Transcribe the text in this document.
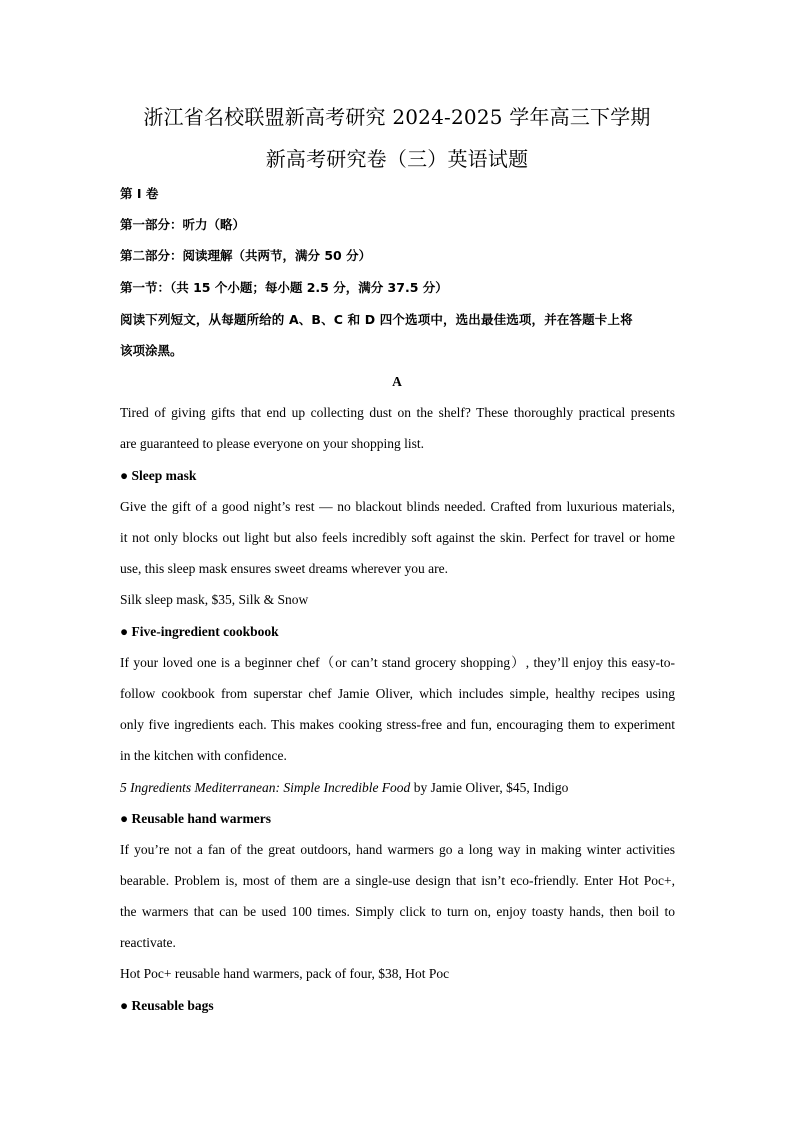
浙江省名校联盟新高考研究 2024-2025 学年高三下学期
新高考研究卷（三）英语试题
第 I 卷
第一部分：听力（略）
第二部分：阅读理解（共两节，满分 50 分）
第一节：（共 15 个小题；每小题 2.5 分，满分 37.5 分）
阅读下列短文，从每题所给的 A、B、C 和 D 四个选项中，选出最佳选项，并在答题卡上将
该项涂黑。
A
Tired of giving gifts that end up collecting dust on the shelf? These thoroughly practical presents
are guaranteed to please everyone on your shopping list.
● Sleep mask
Give the gift of a good night’s rest — no blackout blinds needed. Crafted from luxurious materials,
it not only blocks out light but also feels incredibly soft against the skin. Perfect for travel or home
use, this sleep mask ensures sweet dreams wherever you are.
Silk sleep mask, $35, Silk & Snow
● Five-ingredient cookbook
If your loved one is a beginner chef（or can’t stand grocery shopping）, they’ll enjoy this easy-to-
follow cookbook from superstar chef Jamie Oliver, which includes simple, healthy recipes using
only five ingredients each. This makes cooking stress-free and fun, encouraging them to experiment
in the kitchen with confidence.
5 Ingredients Mediterranean: Simple Incredible Food by Jamie Oliver, $45, Indigo
● Reusable hand warmers
If you’re not a fan of the great outdoors, hand warmers go a long way in making winter activities
bearable. Problem is, most of them are a single-use design that isn’t eco-friendly. Enter Hot Poc+,
the warmers that can be used 100 times. Simply click to turn on, enjoy toasty hands, then boil to
reactivate.
Hot Poc+ reusable hand warmers, pack of four, $38, Hot Poc
● Reusable bags
